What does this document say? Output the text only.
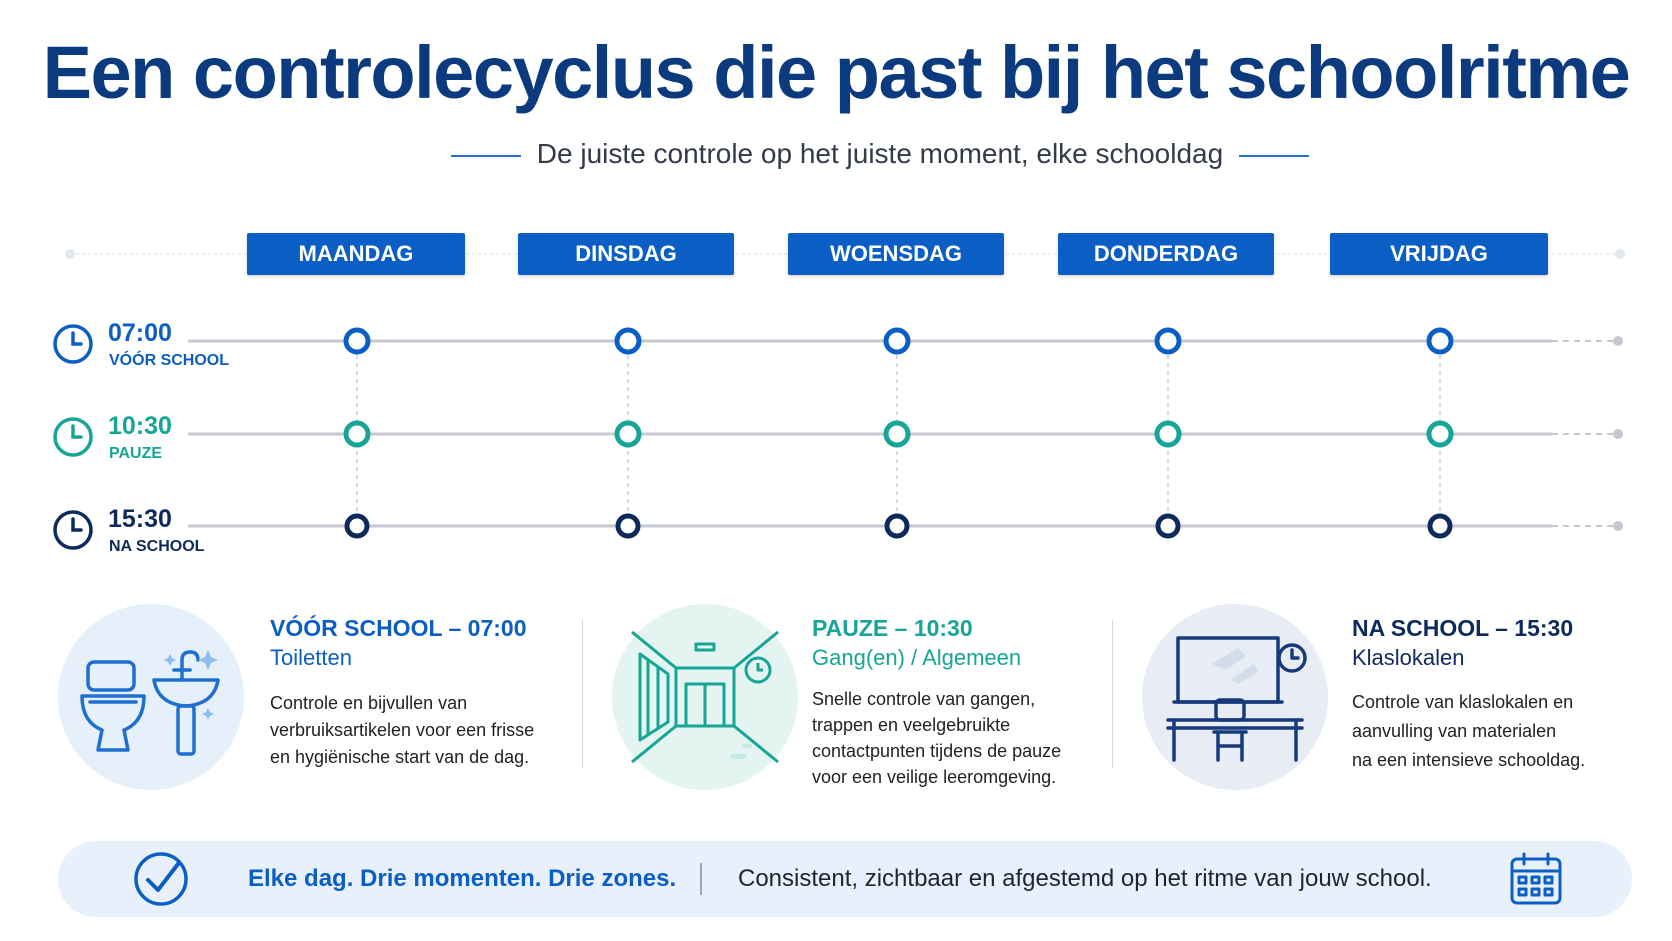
Een controlecyclus die past bij het schoolritme
De juiste controle op het juiste moment, elke schooldag
MAANDAG	DINSDAG	WOENSDAG	DONDERDAG	VRIJDAG
07:00
VÓÓR SCHOOL
10:30
PAUZE
15:30
NA SCHOOL
VÓÓR SCHOOL – 07:00
Toiletten
Controle en bijvullen van
verbruiksartikelen voor een frisse
en hygiënische start van de dag.
PAUZE – 10:30
Gang(en) / Algemeen
Snelle controle van gangen,
trappen en veelgebruikte
contactpunten tijdens de pauze
voor een veilige leeromgeving.
NA SCHOOL – 15:30
Klaslokalen
Controle van klaslokalen en
aanvulling van materialen
na een intensieve schooldag.
Elke dag. Drie momenten. Drie zones.	Consistent, zichtbaar en afgestemd op het ritme van jouw school.
